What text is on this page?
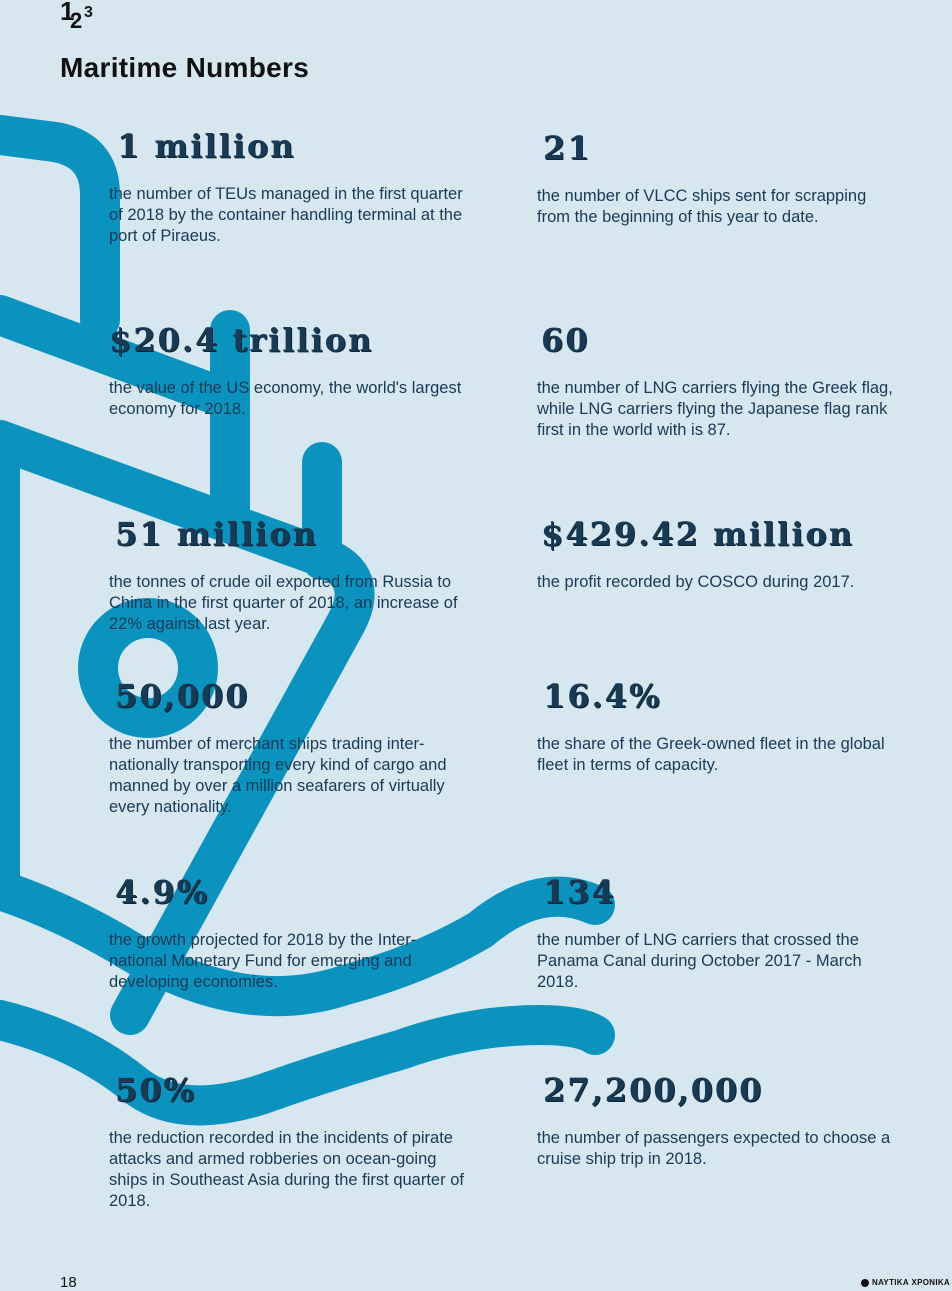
1
2 3
Maritime Numbers
1 million
the number of TEUs managed in the first quarter of 2018 by the container handling terminal at the port of Piraeus.
$20.4 trillion
the value of the US economy, the world's largest economy for 2018.
51 million
the tonnes of crude oil exported from Russia to China in the first quarter of 2018, an increase of 22% against last year.
50,000
the number of merchant ships trading inter-nationally transporting every kind of cargo and manned by over a million seafarers of virtually every nationality.
4.9%
the growth projected for 2018 by the Inter-national Monetary Fund for emerging and developing economies.
50%
the reduction recorded in the incidents of pirate attacks and armed robberies on ocean-going ships in Southeast Asia during the first quarter of 2018.
21
the number of VLCC ships sent for scrapping from the beginning of this year to date.
60
the number of LNG carriers flying the Greek flag, while LNG carriers flying the Japanese flag rank first in the world with is 87.
$429.42 million
the profit recorded by COSCO during 2017.
16.4%
the share of the Greek-owned fleet in the global fleet in terms of capacity.
134
the number of LNG carriers that crossed the Panama Canal during October 2017 - March 2018.
27,200,000
the number of passengers expected to choose a cruise ship trip in 2018.
18	ΝΑΥΤΙΚΑ ΧΡΟΝΙΚΑ
